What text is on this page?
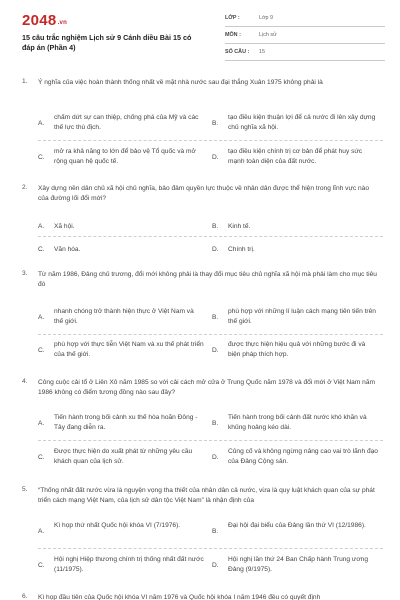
2048.vn
15 câu trắc nghiệm Lịch sử 9 Cánh diều Bài 15 có đáp án (Phần 4)
LỚP :	Lớp 9
MÔN :	Lịch sử
SỐ CÂU :	15
1. Ý nghĩa của việc hoàn thành thống nhất về mặt nhà nước sau đại thắng Xuân 1975 không phải là
A.
chấm dứt sự can thiệp, chống phá của Mỹ và các thế lực thù địch.
B.
tạo điều kiện thuận lợi để cả nước đi lên xây dựng chủ nghĩa xã hội.
C.
mở ra khả năng to lớn để bảo vệ Tổ quốc và mở rộng quan hệ quốc tế.
D.
tạo điều kiện chính trị cơ bản để phát huy sức mạnh toàn diện của đất nước.
2. Xây dựng nền dân chủ xã hội chủ nghĩa, bảo đảm quyền lực thuộc về nhân dân được thể hiện trong lĩnh vực nào của đường lối đổi mới?
A.	Xã hội.	B.	Kinh tế.
C.	Văn hóa.	D.	Chính trị.
3. Từ năm 1986, Đảng chủ trương, đổi mới không phải là thay đổi mục tiêu chủ nghĩa xã hội mà phải làm cho mục tiêu đó
A.
nhanh chóng trở thành hiện thực ở Việt Nam và thế giới.
B.
phù hợp với những lí luận cách mạng tiên tiến trên thế giới.
C.
phù hợp với thực tiễn Việt Nam và xu thế phát triển của thế giới.
D.
được thực hiện hiệu quả với những bước đi và biện pháp thích hợp.
4. Công cuộc cải tổ ở Liên Xô năm 1985 so với cải cách mở cửa ở Trung Quốc năm 1978 và đổi mới ở Việt Nam năm 1986 không có điểm tương đồng nào sau đây?
A.
Tiến hành trong bối cảnh xu thế hòa hoãn Đông - Tây đang diễn ra.
B.
Tiến hành trong bối cảnh đất nước khó khăn và khủng hoảng kéo dài.
C.
Được thực hiện do xuất phát từ những yêu cầu khách quan của lịch sử.
D.
Củng cố và không ngừng nâng cao vai trò lãnh đạo của Đảng Cộng sản.
5. “Thống nhất đất nước vừa là nguyện vọng tha thiết của nhân dân cả nước, vừa là quy luật khách quan của sự phát triển cách mạng Việt Nam, của lịch sử dân tộc Việt Nam” là nhận định của
A.
Kì họp thứ nhất Quốc hội khóa VI (7/1976).
B.
Đại hội đại biểu của Đảng lần thứ VI (12/1986).
C.
Hội nghị Hiệp thương chính trị thống nhất đất nước (11/1975).
D.
Hội nghị lần thứ 24 Ban Chấp hành Trung ương Đảng (9/1975).
6. Kì họp đầu tiên của Quốc hội khóa VI năm 1976 và Quốc hội khóa I năm 1946 đều có quyết định
